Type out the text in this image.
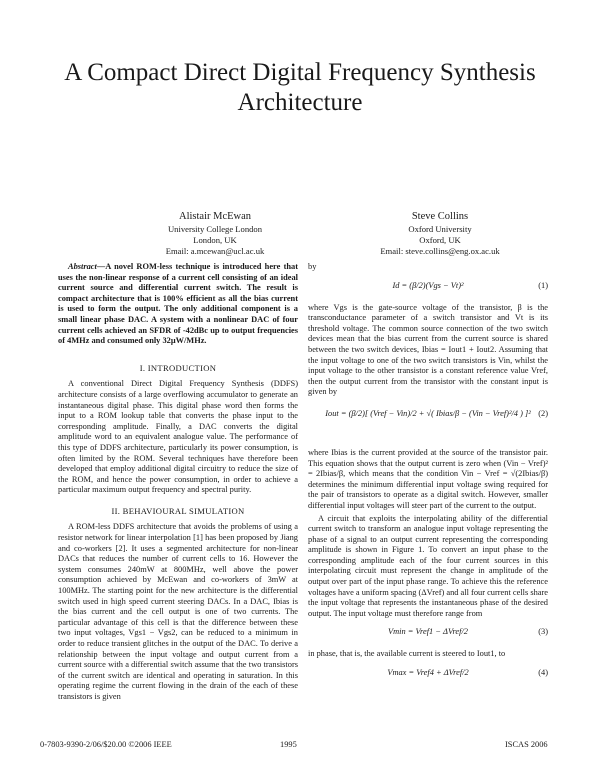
A Compact Direct Digital Frequency Synthesis Architecture
Alistair McEwan
University College London
London, UK
Email: a.mcewan@ucl.ac.uk
Steve Collins
Oxford University
Oxford, UK
Email: steve.collins@eng.ox.ac.uk
Abstract—A novel ROM-less technique is introduced here that uses the non-linear response of a current cell consisting of an ideal current source and differential current switch. The result is compact architecture that is 100% efficient as all the bias current is used to form the output. The only additional component is a small linear phase DAC. A system with a nonlinear DAC of four current cells achieved an SFDR of -42dBc up to output frequencies of 4MHz and consumed only 32μW/MHz.
I. INTRODUCTION

A conventional Direct Digital Frequency Synthesis (DDFS) architecture consists of a large overflowing accumulator to generate an instantaneous digital phase. This digital phase word then forms the input to a ROM lookup table that converts the phase input to the corresponding amplitude. Finally, a DAC converts the digital amplitude word to an equivalent analogue value. The performance of this type of DDFS architecture, particularly its power consumption, is often limited by the ROM. Several techniques have therefore been developed that employ additional digital circuitry to reduce the size of the ROM, and hence the power consumption, in order to achieve a particular maximum output frequency and spectral purity.

II. BEHAVIOURAL SIMULATION

A ROM-less DDFS architecture that avoids the problems of using a resistor network for linear interpolation [1] has been proposed by Jiang and co-workers [2]. It uses a segmented architecture for non-linear DACs that reduces the number of current cells to 16. However the system consumes 240mW at 800MHz, well above the power consumption achieved by McEwan and co-workers of 3mW at 100MHz. The starting point for the new architecture is the differential switch used in high speed current steering DACs. In a DAC, Ibias is the bias current and the cell output is one of two currents. The particular advantage of this cell is that the difference between these two input voltages, Vgs1 − Vgs2, can be reduced to a minimum in order to reduce transient glitches in the output of the DAC. To derive a relationship between the input voltage and output current from a current source with a differential switch assume that the two transistors of the current switch are identical and operating in saturation. In this operating regime the current flowing in the drain of the each of these transistors is given

by

Id = (β/2)(Vgs − Vt)²	(1)

where Vgs is the gate-source voltage of the transistor, β is the transconductance parameter of a switch transistor and Vt is its threshold voltage. The common source connection of the two switch devices mean that the bias current from the current source is shared between the two switch devices, Ibias = Iout1 + Iout2. Assuming that the input voltage to one of the two switch transistors is Vin, whilst the input voltage to the other transistor is a constant reference value Vref, then the output current from the transistor with the constant input is given by

Iout = (β/2)[ (Vref − Vin)/2 + √( Ibias/β − (Vin − Vref)²/4 ) ]² (2)

where Ibias is the current provided at the source of the transistor pair. This equation shows that the output current is zero when (Vin − Vref)² = 2Ibias/β, which means that the condition Vin − Vref = √(2Ibias/β) determines the minimum differential input voltage swing required for the pair of transistors to operate as a digital switch. However, smaller differential input voltages will steer part of the current to the output.

A circuit that exploits the interpolating ability of the differential current switch to transform an analogue input voltage representing the phase of a signal to an output current representing the corresponding amplitude is shown in Figure 1. To convert an input phase to the corresponding amplitude each of the four current sources in this interpolating circuit must represent the change in amplitude of the output over part of the input phase range. To achieve this the reference voltages have a uniform spacing (ΔVref) and all four current cells share the input voltage that represents the instantaneous phase of the desired output. The input voltage must therefore range from

Vmin = Vref1 − ΔVref/2	(3)

in phase, that is, the available current is steered to Iout1, to

Vmax = Vref4 + ΔVref/2	(4)
0-7803-9390-2/06/$20.00 ©2006 IEEE	1995	ISCAS 2006
